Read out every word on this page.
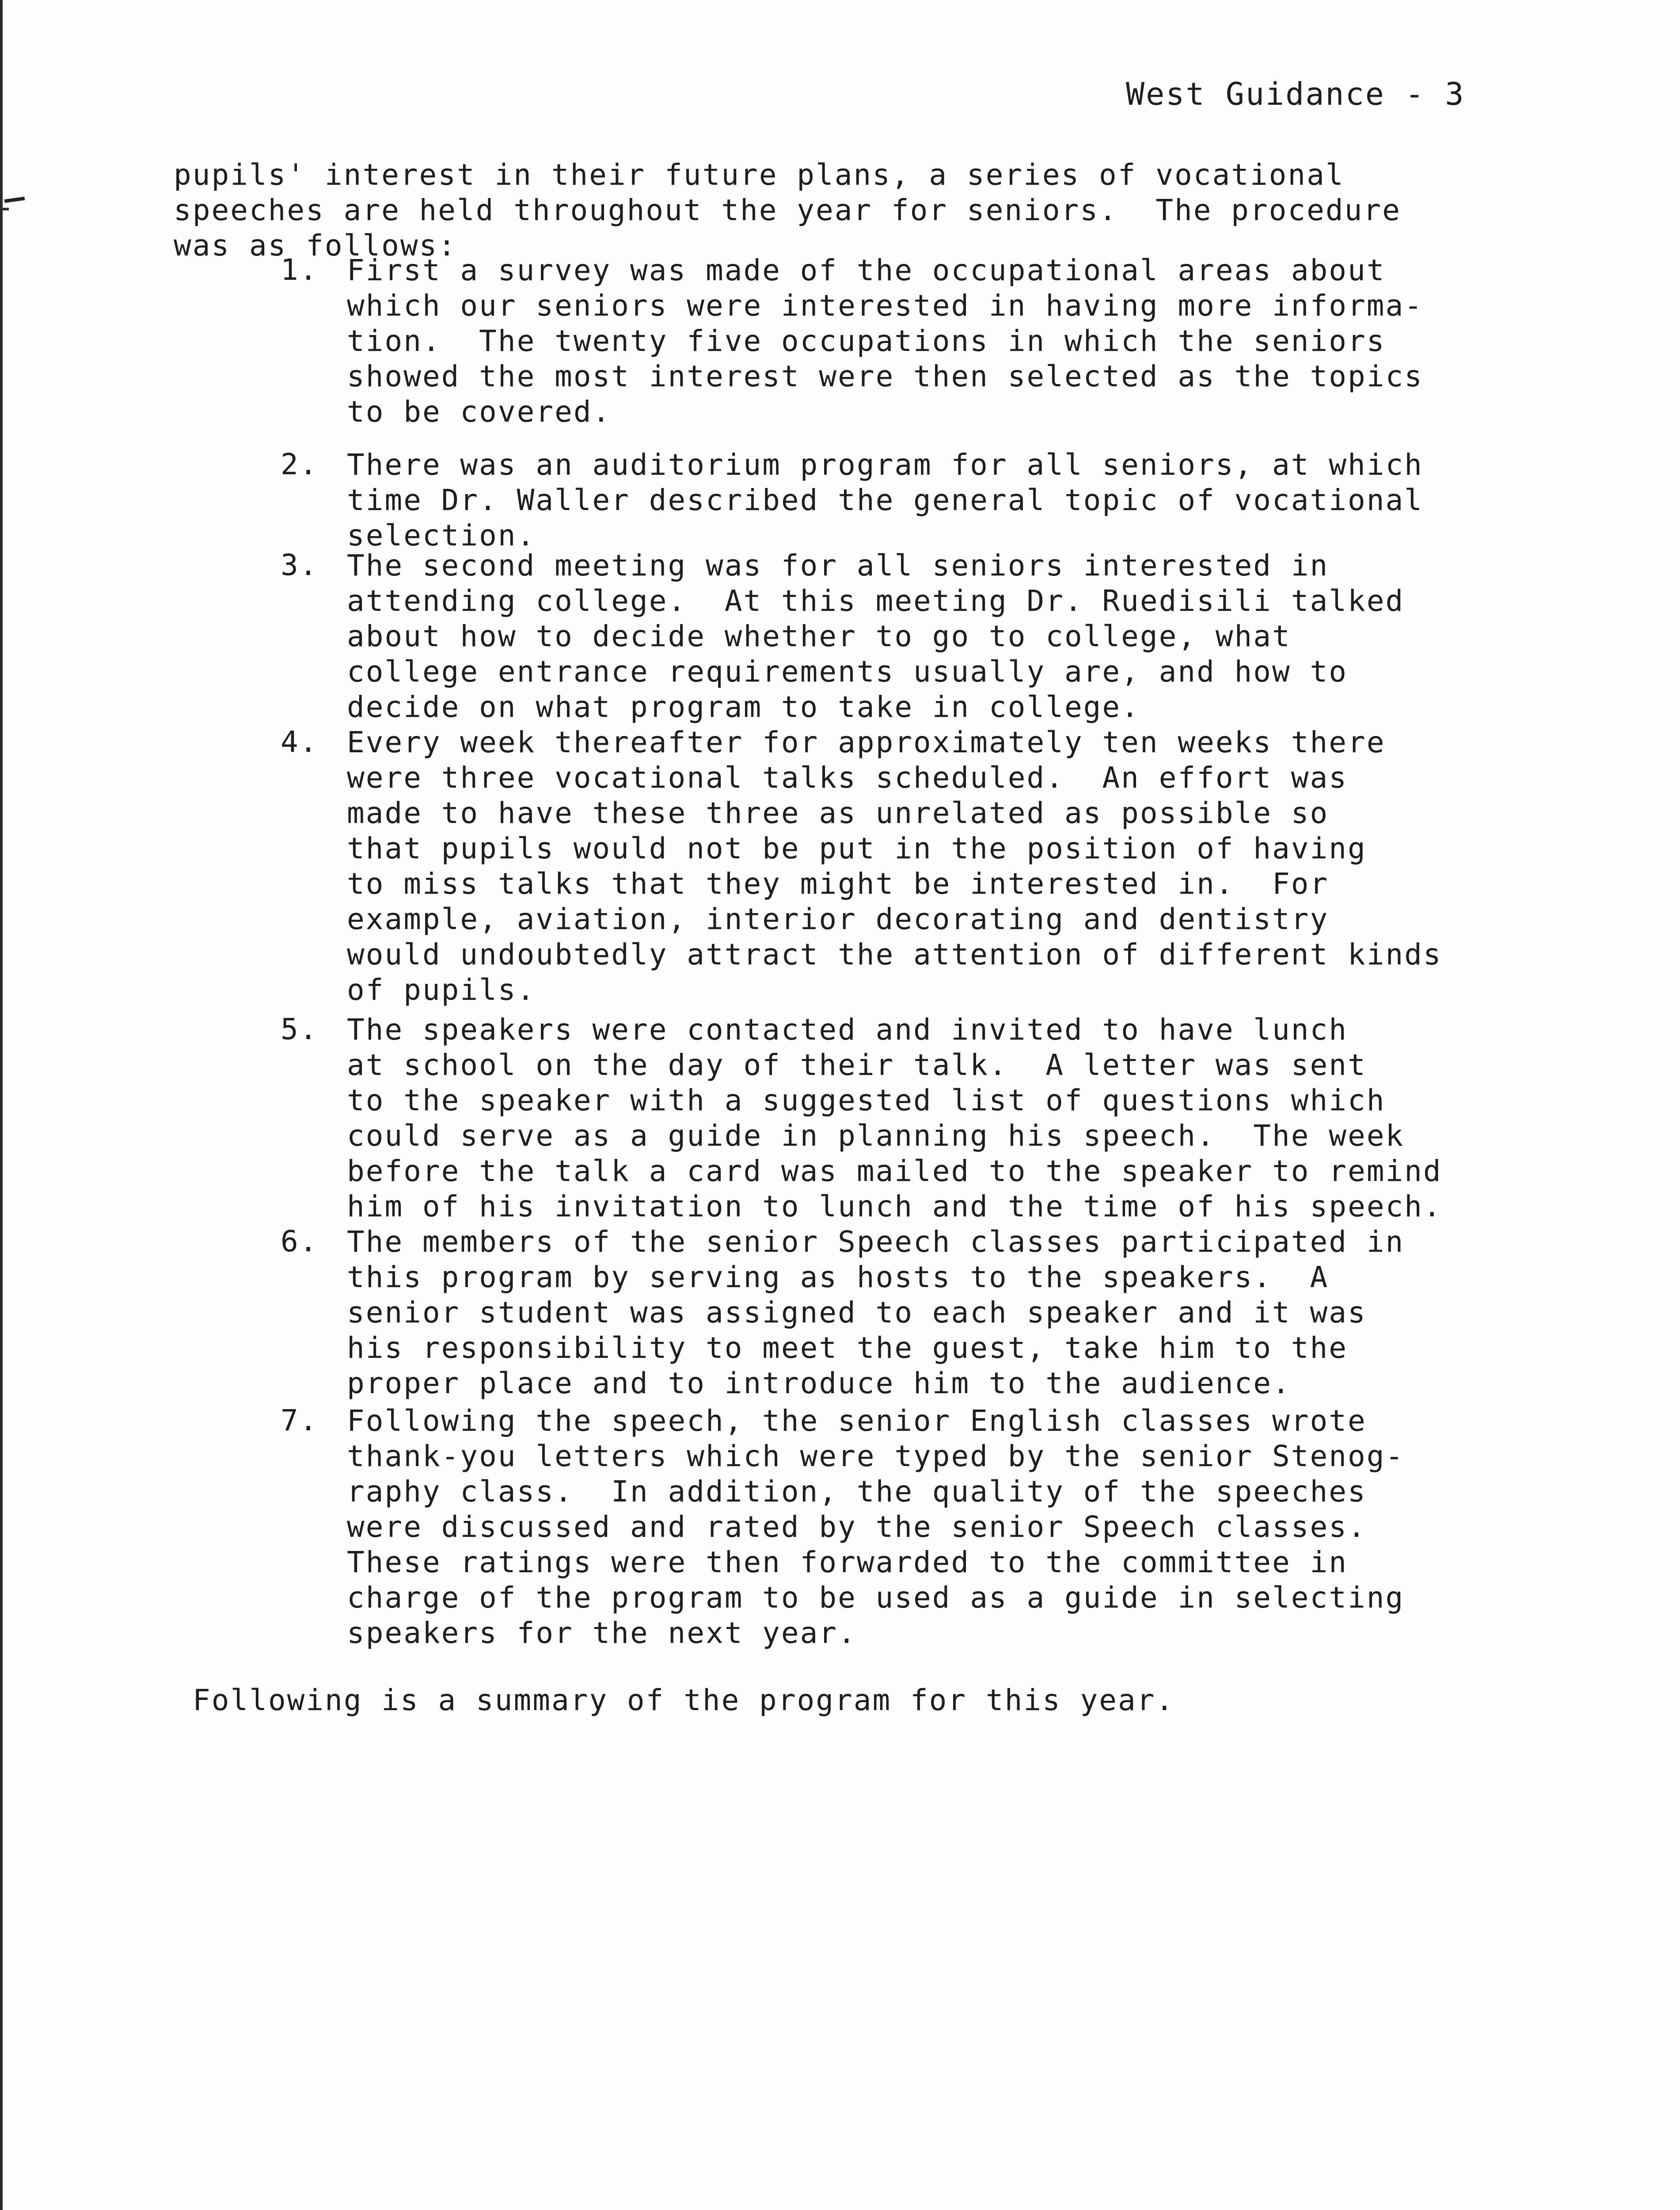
West Guidance - 3
pupils' interest in their future plans, a series of vocational
speeches are held throughout the year for seniors.  The procedure
was as follows:
1. First a survey was made of the occupational areas about
which our seniors were interested in having more informa-
tion.  The twenty five occupations in which the seniors
showed the most interest were then selected as the topics
to be covered.
2. There was an auditorium program for all seniors, at which
time Dr. Waller described the general topic of vocational
selection.
3. The second meeting was for all seniors interested in
attending college.  At this meeting Dr. Ruedisili talked
about how to decide whether to go to college, what
college entrance requirements usually are, and how to
decide on what program to take in college.
4. Every week thereafter for approximately ten weeks there
were three vocational talks scheduled.  An effort was
made to have these three as unrelated as possible so
that pupils would not be put in the position of having
to miss talks that they might be interested in.  For
example, aviation, interior decorating and dentistry
would undoubtedly attract the attention of different kinds
of pupils.
5. The speakers were contacted and invited to have lunch
at school on the day of their talk.  A letter was sent
to the speaker with a suggested list of questions which
could serve as a guide in planning his speech.  The week
before the talk a card was mailed to the speaker to remind
him of his invitation to lunch and the time of his speech.
6. The members of the senior Speech classes participated in
this program by serving as hosts to the speakers.  A
senior student was assigned to each speaker and it was
his responsibility to meet the guest, take him to the
proper place and to introduce him to the audience.
7. Following the speech, the senior English classes wrote
thank-you letters which were typed by the senior Stenog-
raphy class.  In addition, the quality of the speeches
were discussed and rated by the senior Speech classes.
These ratings were then forwarded to the committee in
charge of the program to be used as a guide in selecting
speakers for the next year.
Following is a summary of the program for this year.
